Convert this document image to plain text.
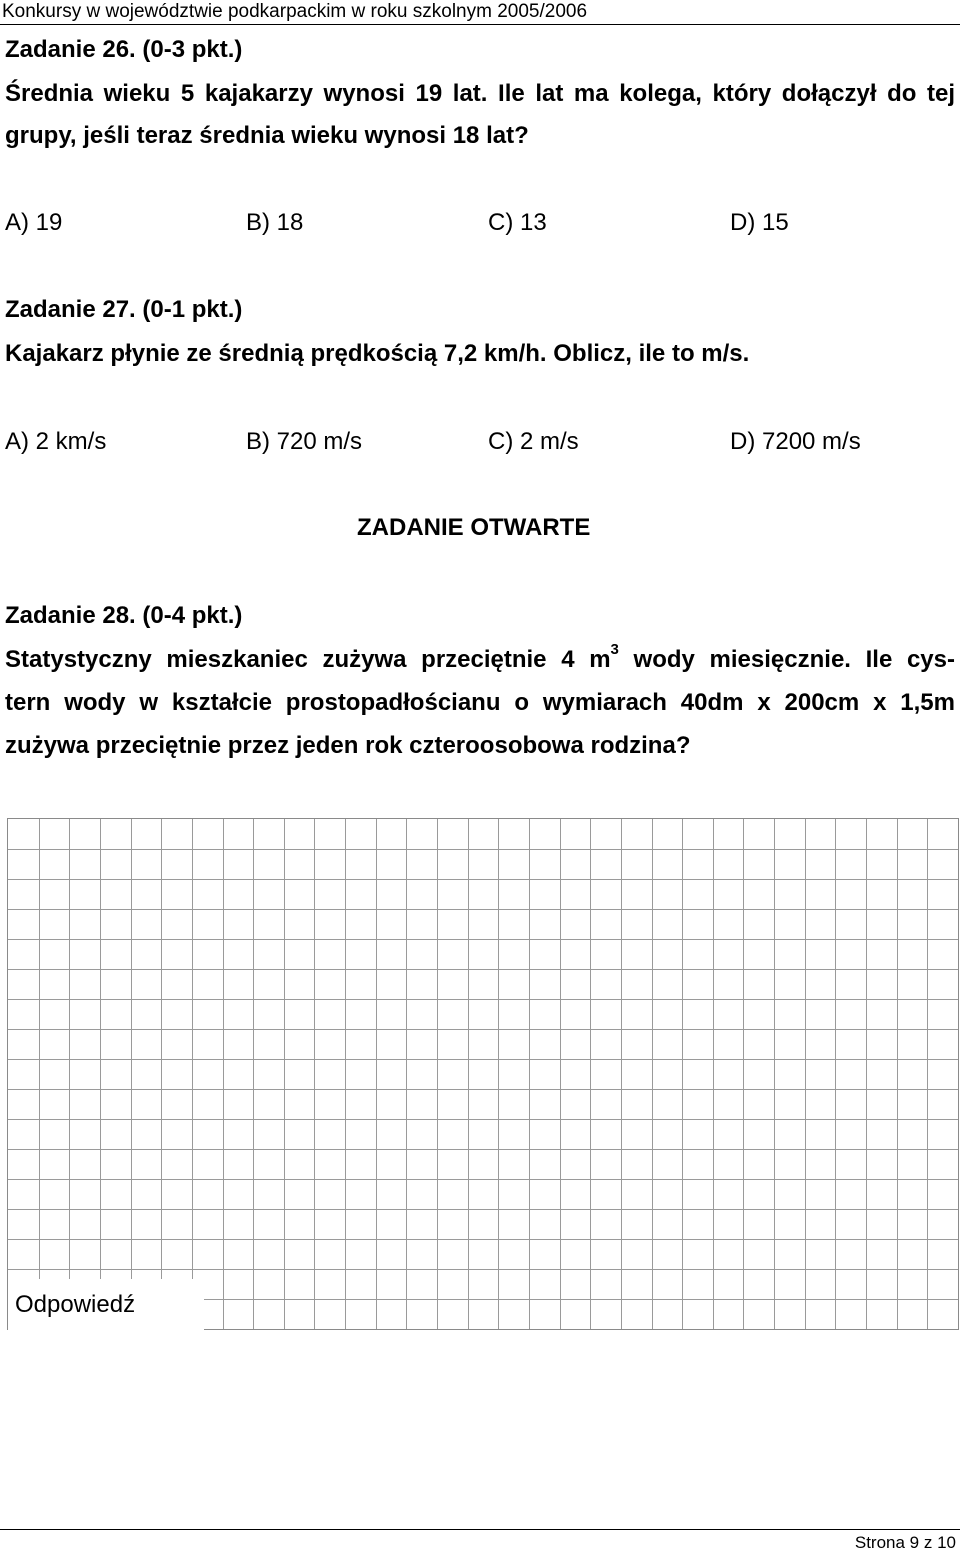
Konkursy w województwie podkarpackim w roku szkolnym 2005/2006
Zadanie 26. (0-3 pkt.)
Średnia wieku 5 kajakarzy wynosi 19 lat. Ile lat ma kolega, który dołączył do tej
grupy, jeśli teraz średnia wieku wynosi 18 lat?
A) 19	B) 18	C) 13	D) 15
Zadanie 27. (0-1 pkt.)
Kajakarz płynie ze średnią prędkością 7,2 km/h. Oblicz, ile to m/s.
A) 2 km/s	B) 720 m/s	C) 2 m/s	D) 7200 m/s
ZADANIE OTWARTE
Zadanie 28. (0-4 pkt.)
Statystyczny mieszkaniec zużywa przeciętnie 4 $m^3$ wody miesięcznie. Ile cys-
tern wody w kształcie prostopadłościanu o wymiarach 40dm x 200cm x 1,5m
zużywa przeciętnie przez jeden rok czteroosobowa rodzina?
Odpowiedź
Strona 9 z 10
